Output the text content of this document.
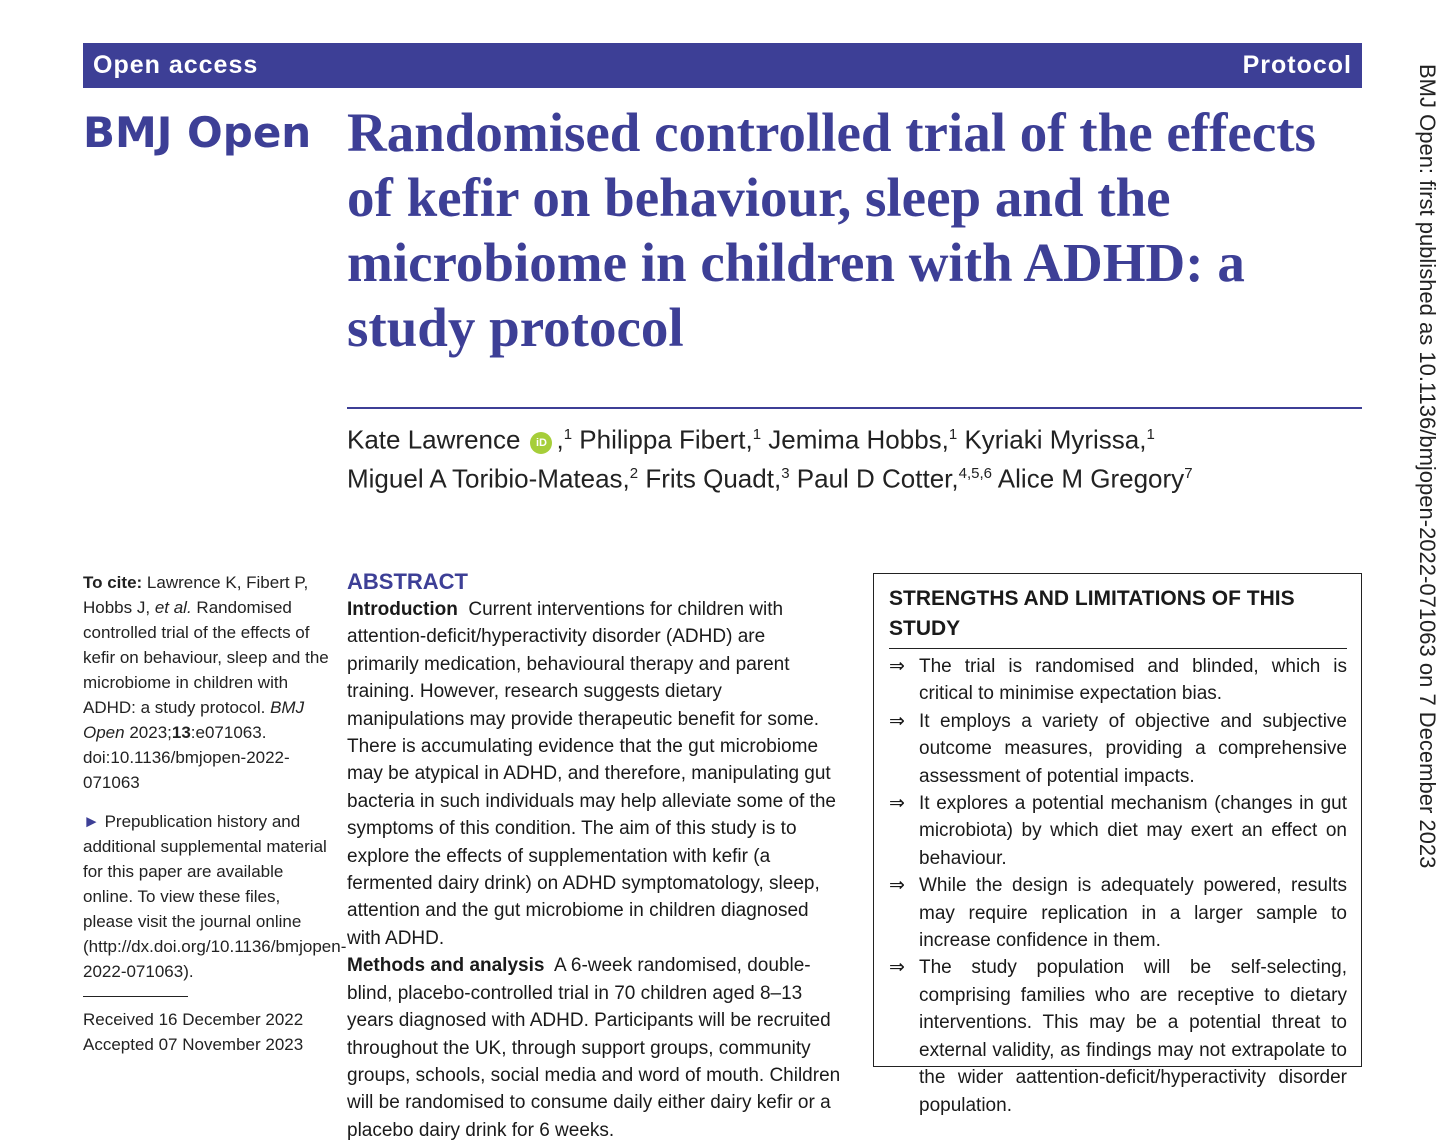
Open access	Protocol
BMJ Open Randomised controlled trial of the effects of kefir on behaviour, sleep and the microbiome in children with ADHD: a study protocol
Kate Lawrence iD ,$^1$ Philippa Fibert,$^1$ Jemima Hobbs,$^1$ Kyriaki Myrissa,$^1$
Miguel A Toribio-Mateas,$^2$ Frits Quadt,$^3$ Paul D Cotter,$^{4,5,6}$ Alice M Gregory$^7$

To cite: Lawrence K, Fibert P, Hobbs J, et al. Randomised controlled trial of the effects of kefir on behaviour, sleep and the microbiome in children with ADHD: a study protocol. BMJ Open 2023;13:e071063. doi:10.1136/bmjopen-2022-071063

► Prepublication history and additional supplemental material for this paper are available online. To view these files, please visit the journal online (http://dx.doi.org/10.1136/bmjopen-2022-071063).

Received 16 December 2022

Accepted 07 November 2023

ABSTRACT

Introduction Current interventions for children with attention-deficit/hyperactivity disorder (ADHD) are primarily medication, behavioural therapy and parent training. However, research suggests dietary manipulations may provide therapeutic benefit for some. There is accumulating evidence that the gut microbiome may be atypical in ADHD, and therefore, manipulating gut bacteria in such individuals may help alleviate some of the symptoms of this condition. The aim of this study is to explore the effects of supplementation with kefir (a fermented dairy drink) on ADHD symptomatology, sleep, attention and the gut microbiome in children diagnosed with ADHD.

Methods and analysis A 6-week randomised, double-blind, placebo-controlled trial in 70 children aged 8–13 years diagnosed with ADHD. Participants will be recruited throughout the UK, through support groups, community groups, schools, social media and word of mouth. Children will be randomised to consume daily either dairy kefir or a placebo dairy drink for 6 weeks.

STRENGTHS AND LIMITATIONS OF THIS STUDY
⇒ The trial is randomised and blinded, which is critical to minimise expectation bias.
⇒ It employs a variety of objective and subjective outcome measures, providing a comprehensive assessment of potential impacts.
⇒ It explores a potential mechanism (changes in gut microbiota) by which diet may exert an effect on behaviour.
⇒ While the design is adequately powered, results may require replication in a larger sample to increase confidence in them.
⇒ The study population will be self-selecting, comprising families who are receptive to dietary interventions. This may be a potential threat to external validity, as findings may not extrapolate to the wider aattention-deficit/hyperactivity disorder population.
BMJ Open: first published as 10.1136/bmjopen-2022-071063 on 7 December 2023
